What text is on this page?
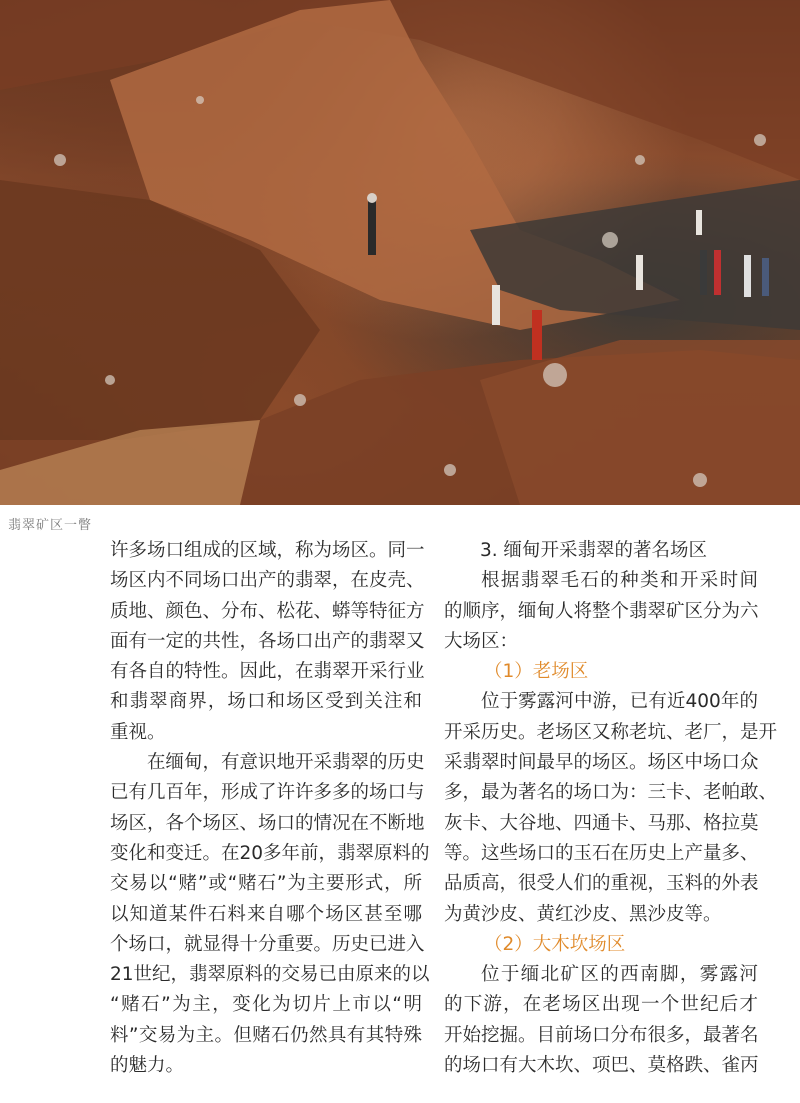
翡翠矿区一瞥
许多场口组成的区域，称为场区。同一
场区内不同场口出产的翡翠，在皮壳、
质地、颜色、分布、松花、蟒等特征方
面有一定的共性，各场口出产的翡翠又
有各自的特性。因此，在翡翠开采行业
和翡翠商界，场口和场区受到关注和
重视。
在缅甸，有意识地开采翡翠的历史
已有几百年，形成了许许多多的场口与
场区，各个场区、场口的情况在不断地
变化和变迁。在20多年前，翡翠原料的
交易以“赌”或“赌石”为主要形式，所
以知道某件石料来自哪个场区甚至哪
个场口，就显得十分重要。历史已进入
21世纪，翡翠原料的交易已由原来的以
“赌石”为主，变化为切片上市以“明
料”交易为主。但赌石仍然具有其特殊
的魅力。
3. 缅甸开采翡翠的著名场区
根据翡翠毛石的种类和开采时间
的顺序，缅甸人将整个翡翠矿区分为六
大场区：
（1）老场区
位于雾露河中游，已有近400年的
开采历史。老场区又称老坑、老厂，是开
采翡翠时间最早的场区。场区中场口众
多，最为著名的场口为：三卡、老帕敢、
灰卡、大谷地、四通卡、马那、格拉莫
等。这些场口的玉石在历史上产量多、
品质高，很受人们的重视，玉料的外表
为黄沙皮、黄红沙皮、黑沙皮等。
（2）大木坎场区
位于缅北矿区的西南脚，雾露河
的下游，在老场区出现一个世纪后才
开始挖掘。目前场口分布很多，最著名
的场口有大木坎、项巴、莫格跌、雀丙
